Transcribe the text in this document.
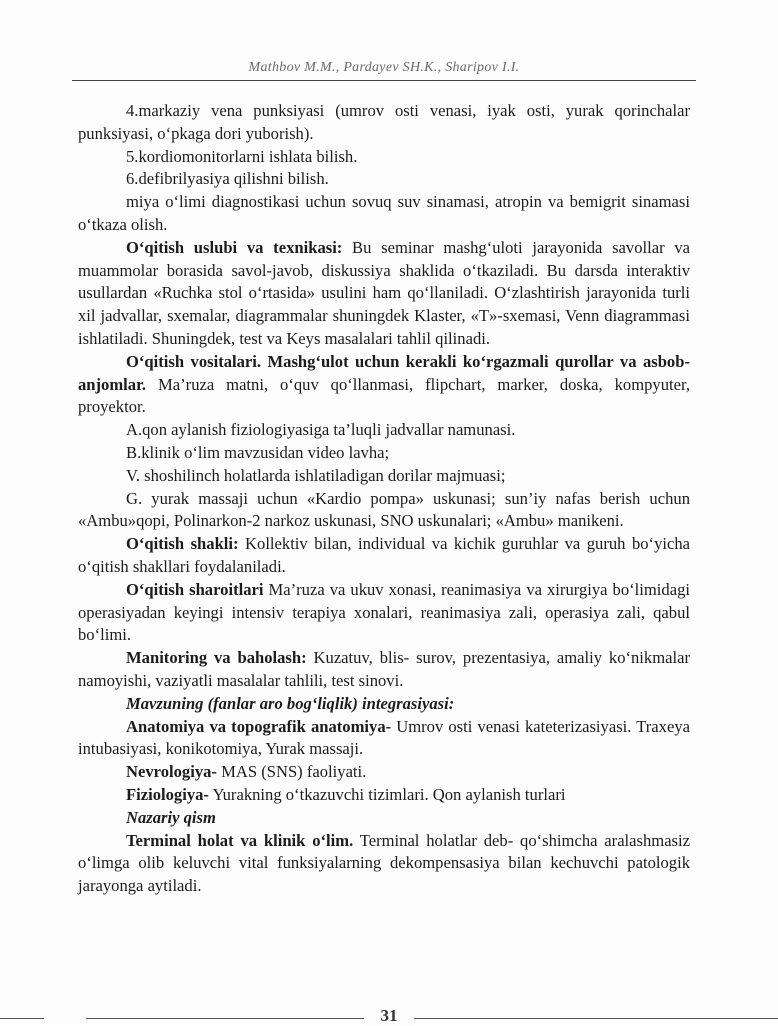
Mathbov M.M., Pardayev SH.K., Sharipov I.I.

4.markaziy vena punksiyasi (umrov osti venasi, iyak osti, yurak qorinchalar punksiyasi, o‘pkaga dori yuborish).

5.kordiomonitorlarni ishlata bilish.

6.defibrilyasiya qilishni bilish.

miya o‘limi diagnostikasi uchun sovuq suv sinamasi, atropin va bemigrit sinamasi o‘tkaza olish.

O‘qitish uslubi va texnikasi: Bu seminar mashg‘uloti jarayonida savollar va muammolar borasida savol-javob, diskussiya shaklida o‘tkaziladi. Bu darsda interaktiv usullardan «Ruchka stol o‘rtasida» usulini ham qo‘llaniladi. O‘zlashtirish jarayonida turli xil jadvallar, sxemalar, diagrammalar shuningdek Klaster, «T»-sxemasi, Venn diagrammasi ishlatiladi. Shuningdek, test va Keys masalalari tahlil qilinadi.

O‘qitish vositalari. Mashg‘ulot uchun kerakli ko‘rgazmali qurollar va asbob-anjomlar. Ma’ruza matni, o‘quv qo‘llanmasi, flipchart, marker, doska, kompyuter, proyektor.

A.qon aylanish fiziologiyasiga ta’luqli jadvallar namunasi.

B.klinik o‘lim mavzusidan video lavha;

V. shoshilinch holatlarda ishlatiladigan dorilar majmuasi;

G. yurak massaji uchun «Kardio pompa» uskunasi; sun’iy nafas berish uchun «Ambu»qopi, Polinarkon-2 narkoz uskunasi, SNO uskunalari; «Ambu» manikeni.

O‘qitish shakli: Kollektiv bilan, individual va kichik guruhlar va guruh bo‘yicha o‘qitish shakllari foydalaniladi.

O‘qitish sharoitlari Ma’ruza va ukuv xonasi, reanimasiya va xirurgiya bo‘limidagi operasiyadan keyingi intensiv terapiya xonalari, reanimasiya zali, operasiya zali, qabul bo‘limi.

Manitoring va baholash: Kuzatuv, blis- surov, prezentasiya, amaliy ko‘nikmalar namoyishi, vaziyatli masalalar tahlili, test sinovi.

Mavzuning (fanlar aro bog‘liqlik) integrasiyasi:

Anatomiya va topografik anatomiya- Umrov osti venasi kateterizasiyasi. Traxeya intubasiyasi, konikotomiya, Yurak massaji.

Nevrologiya- MAS (SNS) faoliyati.

Fiziologiya- Yurakning o‘tkazuvchi tizimlari. Qon aylanish turlari

Nazariy qism

Terminal holat va klinik o‘lim. Terminal holatlar deb- qo‘shimcha aralashmasiz o‘limga olib keluvchi vital funksiyalarning dekompensasiya bilan kechuvchi patologik jarayonga aytiladi.

31
